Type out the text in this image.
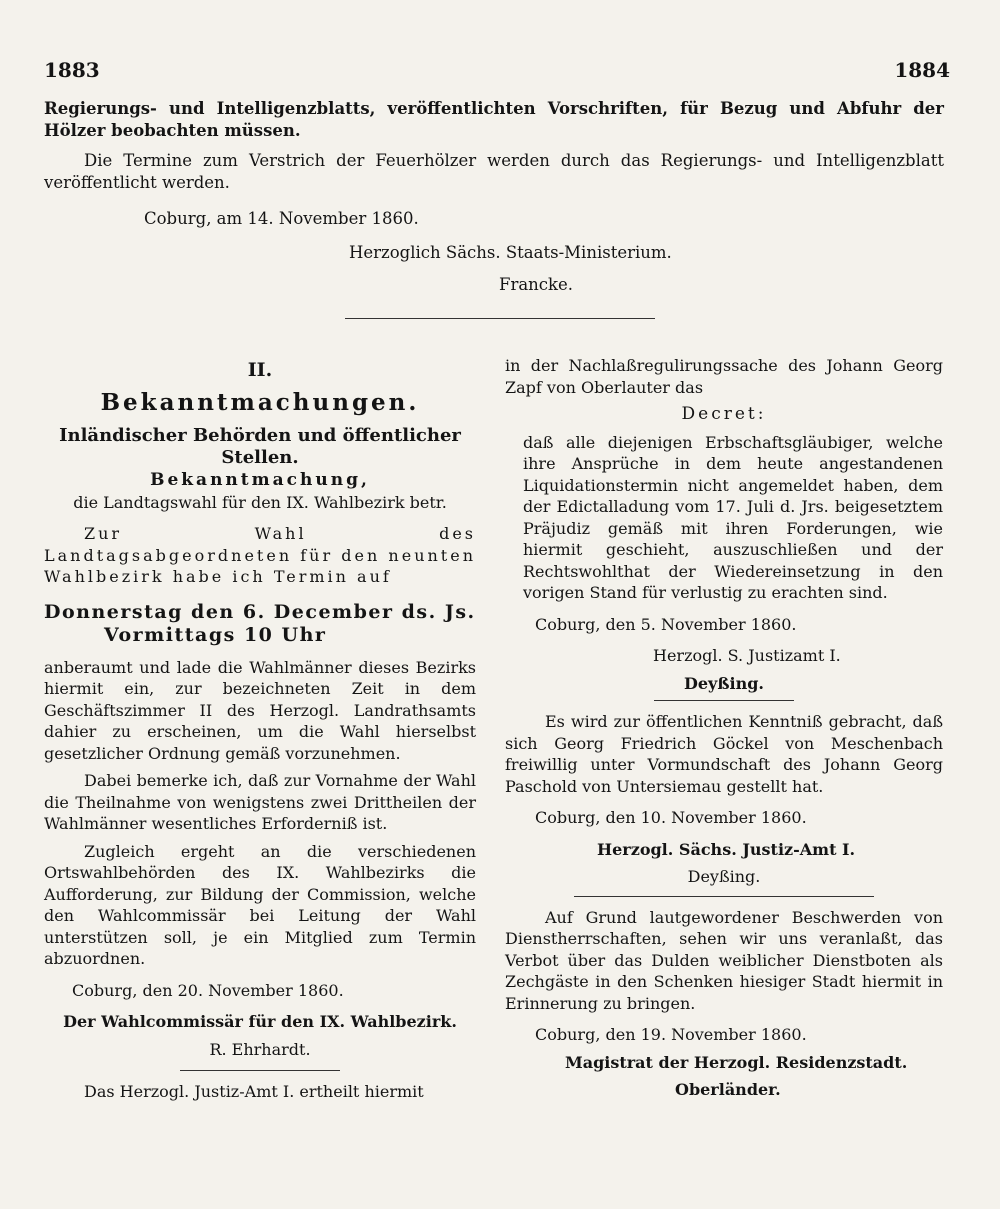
1883	1884

Regierungs- und Intelligenzblatts, veröffentlichten Vorschriften, für Bezug und Abfuhr der Hölzer beobachten müssen.

Die Termine zum Verstrich der Feuerhölzer werden durch das Regierungs- und Intelligenzblatt veröffentlicht werden.

Coburg, am 14. November 1860.

Herzoglich Sächs. Staats-Ministerium.

Francke.

II.

Bekanntmachungen.

Inländischer Behörden und öffentlicher Stellen.

Bekanntmachung,

die Landtagswahl für den IX. Wahlbezirk betr.

Zur Wahl des Landtagsabgeordneten für den neunten Wahlbezirk habe ich Termin auf

Donnerstag den 6. December ds. Js.

Vormittags 10 Uhr

anberaumt und lade die Wahlmänner dieses Bezirks hiermit ein, zur bezeichneten Zeit in dem Geschäftszimmer II des Herzogl. Landrathsamts dahier zu erscheinen, um die Wahl hierselbst gesetzlicher Ordnung gemäß vorzunehmen.

Dabei bemerke ich, daß zur Vornahme der Wahl die Theilnahme von wenigstens zwei Drittheilen der Wahlmänner wesentliches Erforderniß ist.

Zugleich ergeht an die verschiedenen Ortswahlbehörden des IX. Wahlbezirks die Aufforderung, zur Bildung der Commission, welche den Wahlcommissär bei Leitung der Wahl unterstützen soll, je ein Mitglied zum Termin abzuordnen.

Coburg, den 20. November 1860.

Der Wahlcommissär für den IX. Wahlbezirk.

R. Ehrhardt.

Das Herzogl. Justiz-Amt I. ertheilt hiermit

in der Nachlaßregulirungssache des Johann Georg Zapf von Oberlauter das

Decret:

daß alle diejenigen Erbschaftsgläubiger, welche ihre Ansprüche in dem heute angestandenen Liquidationstermin nicht angemeldet haben, dem der Edictalladung vom 17. Juli d. Jrs. beigesetztem Präjudiz gemäß mit ihren Forderungen, wie hiermit geschieht, auszuschließen und der Rechtswohlthat der Wiedereinsetzung in den vorigen Stand für verlustig zu erachten sind.

Coburg, den 5. November 1860.

Herzogl. S. Justizamt I.

Deyßing.

Es wird zur öffentlichen Kenntniß gebracht, daß sich Georg Friedrich Göckel von Meschenbach freiwillig unter Vormundschaft des Johann Georg Paschold von Untersiemau gestellt hat.

Coburg, den 10. November 1860.

Herzogl. Sächs. Justiz-Amt I.

Deyßing.

Auf Grund lautgewordener Beschwerden von Dienstherrschaften, sehen wir uns veranlaßt, das Verbot über das Dulden weiblicher Dienstboten als Zechgäste in den Schenken hiesiger Stadt hiermit in Erinnerung zu bringen.

Coburg, den 19. November 1860.

Magistrat der Herzogl. Residenzstadt.

Oberländer.
